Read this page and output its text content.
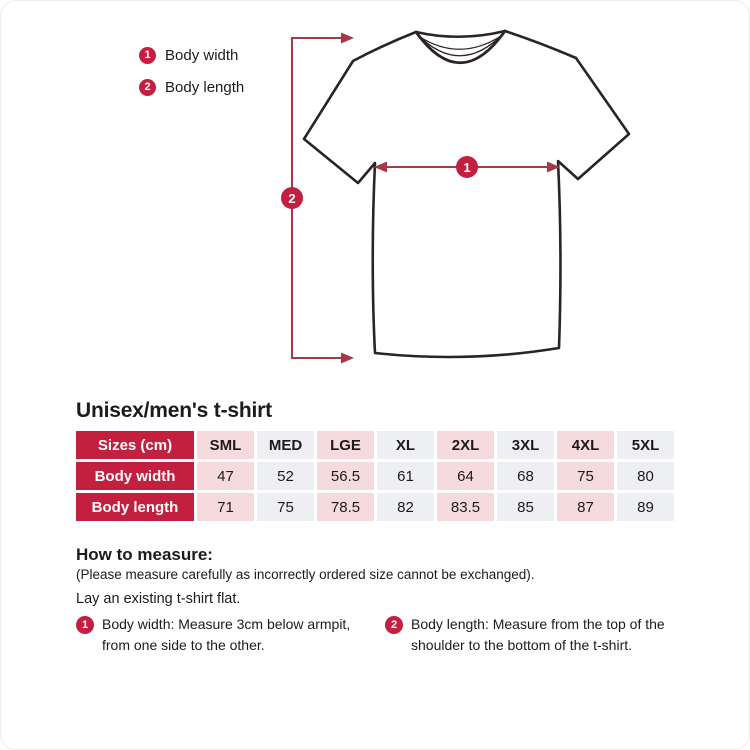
1
2
1 Body width
2 Body length
Unisex/men's t-shirt
Sizes (cm)	SML	MED	LGE	XL	2XL	3XL	4XL	5XL
Body width	47	52	56.5	61	64	68	75	80
Body length	71	75	78.5	82	83.5	85	87	89
How to measure:
(Please measure carefully as incorrectly ordered size cannot be exchanged).
Lay an existing t-shirt flat.
1 Body width: Measure 3cm below armpit, from one side to the other.
2 Body length: Measure from the top of the shoulder to the bottom of the t-shirt.
